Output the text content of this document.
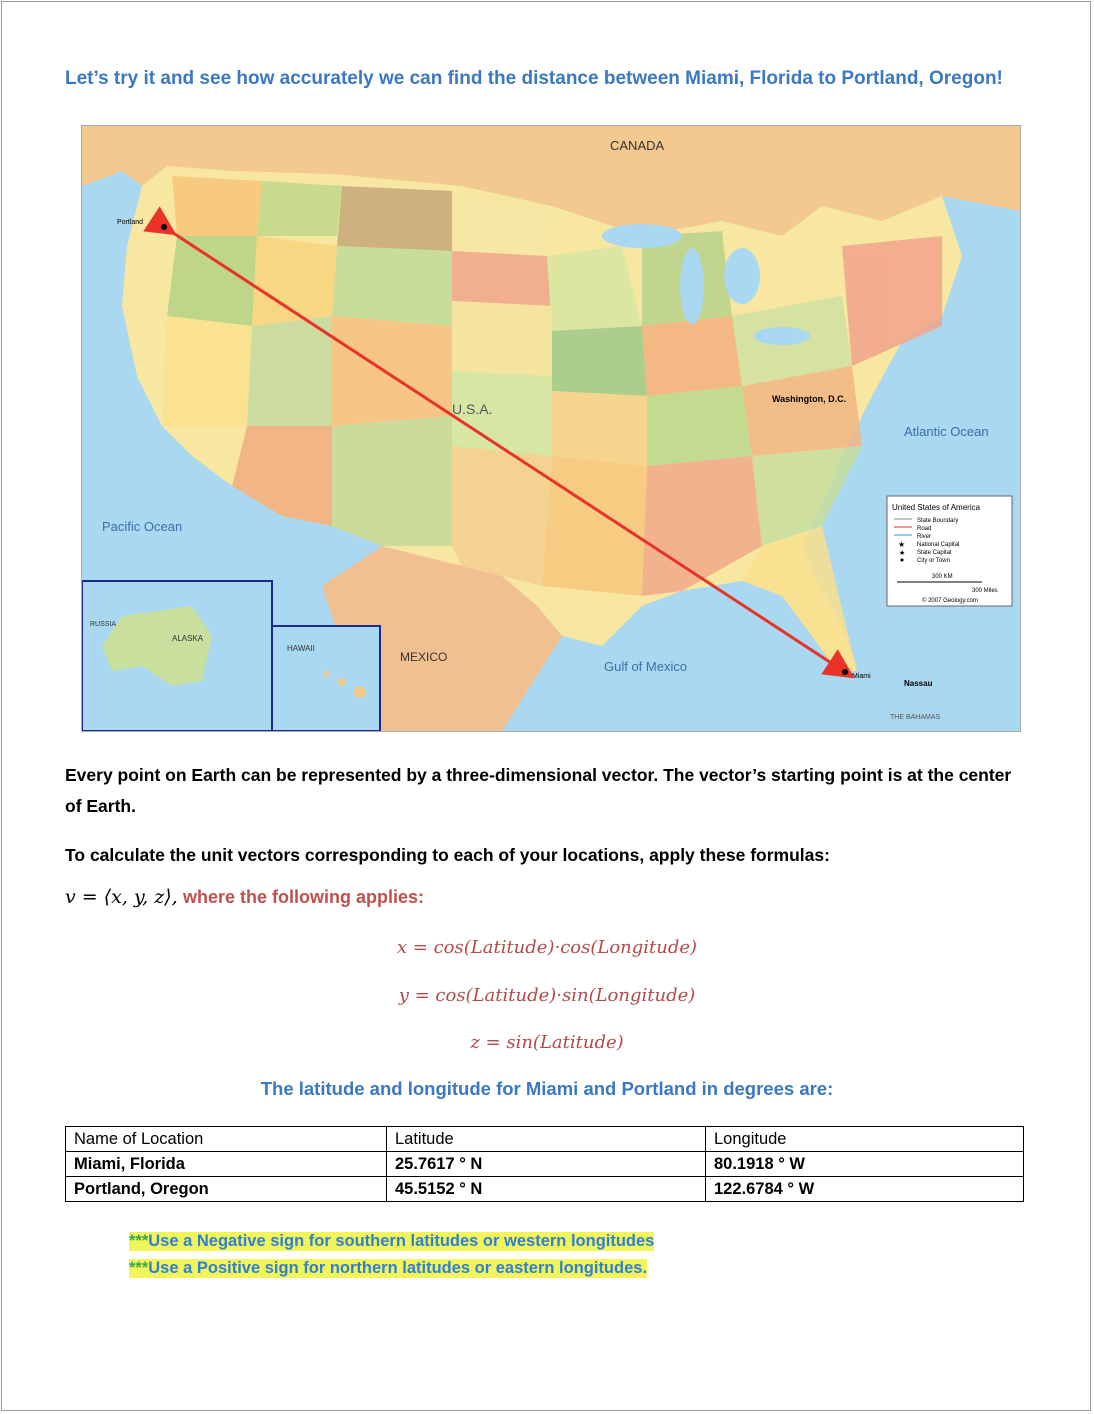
Let’s try it and see how accurately we can find the distance between Miami, Florida to Portland, Oregon!
United States of America
State Boundary
Road
River
★ National Capital
★ State Capital
City or Town
300 KM
300 Miles
© 2007 Geology.com
CANADA
U.S.A.
MEXICO
Pacific Ocean
Atlantic Ocean
Gulf of Mexico
ALASKA
HAWAII
RUSSIA
THE BAHAMAS
Nassau
Portland
Miami
Washington, D.C.
Every point on Earth can be represented by a three-dimensional vector. The vector’s starting point is at the center of Earth.
To calculate the unit vectors corresponding to each of your locations, apply these formulas:
v = ⟨x, y, z⟩, where the following applies:
x = cos(Latitude)·cos(Longitude)
y = cos(Latitude)·sin(Longitude)
z = sin(Latitude)
The latitude and longitude for Miami and Portland in degrees are:
Name of Location	Latitude	Longitude
Miami, Florida	25.7617 ° N	80.1918 ° W
Portland, Oregon	45.5152 ° N	122.6784 ° W
***Use a Negative sign for southern latitudes or western longitudes
***Use a Positive sign for northern latitudes or eastern longitudes.
